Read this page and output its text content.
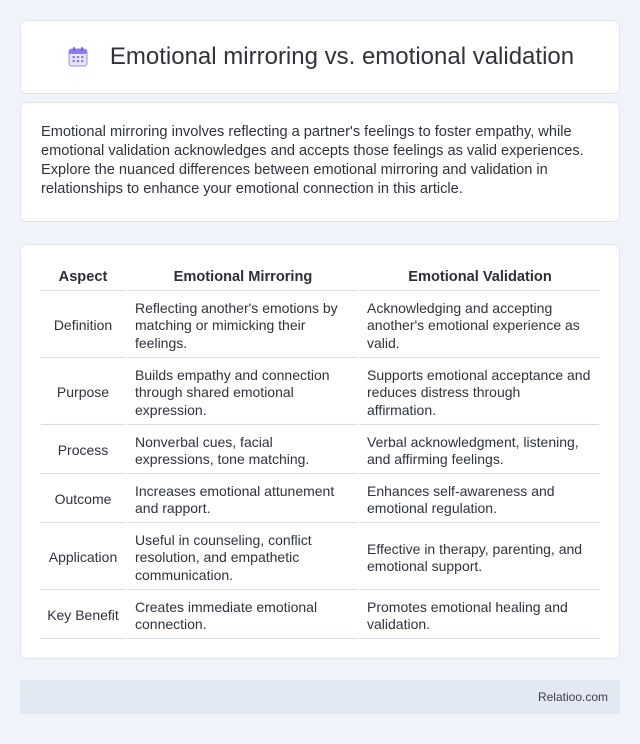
Emotional mirroring vs. emotional validation

Emotional mirroring involves reflecting a partner's feelings to foster empathy, while emotional validation acknowledges and accepts those feelings as valid experiences. Explore the nuanced differences between emotional mirroring and validation in relationships to enhance your emotional connection in this article.

Aspect	Emotional Mirroring	Emotional Validation
Definition	Reflecting another's emotions by matching or mimicking their feelings.	Acknowledging and accepting another's emotional experience as valid.
Purpose	Builds empathy and connection through shared emotional expression.	Supports emotional acceptance and reduces distress through affirmation.
Process	Nonverbal cues, facial expressions, tone matching.	Verbal acknowledgment, listening, and affirming feelings.
Outcome	Increases emotional attunement and rapport.	Enhances self-awareness and emotional regulation.
Application	Useful in counseling, conflict resolution, and empathetic communication.	Effective in therapy, parenting, and emotional support.
Key Benefit	Creates immediate emotional connection.	Promotes emotional healing and validation.
Relatioo.com
